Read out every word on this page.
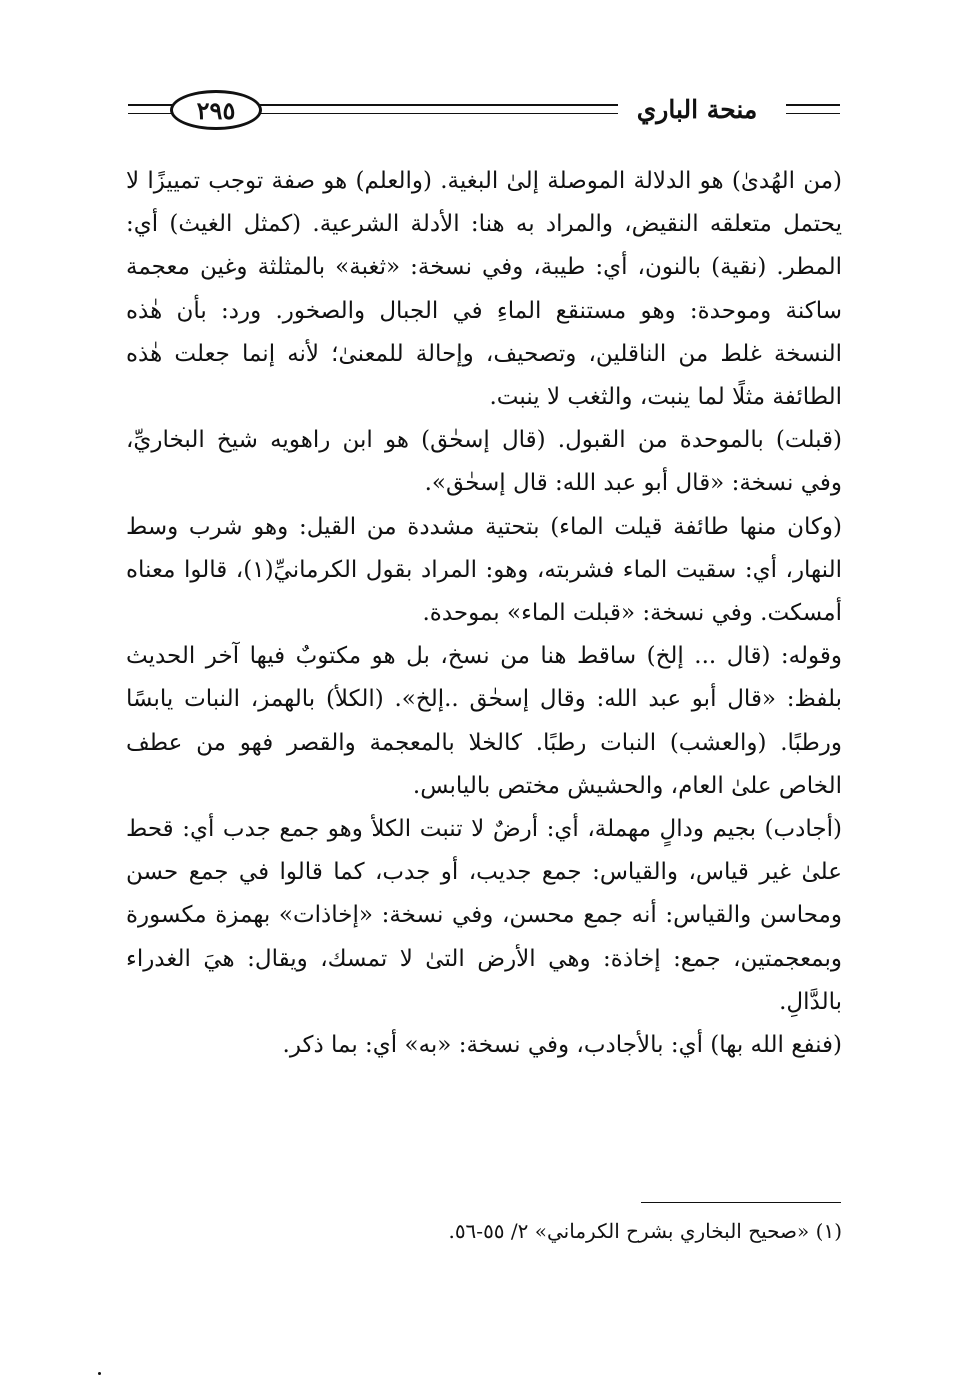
٢٩٥	منحة الباري

(من الهُدىٰ) هو الدلالة الموصلة إلىٰ البغية. (والعلم) هو صفة توجب تمييزًا لا يحتمل متعلقه النقيض، والمراد به هنا: الأدلة الشرعية. (كمثل الغيث) أي: المطر. (نقية) بالنون، أي: طيبة، وفي نسخة: «ثغبة» بالمثلثة وغين معجمة ساكنة وموحدة: وهو مستنقع الماءِ في الجبال والصخور. ورد: بأن هٰذه النسخة غلط من الناقلين، وتصحيف، وإحالة للمعنىٰ؛ لأنه إنما جعلت هٰذه الطائفة مثلًا لما ينبت، والثغب لا ينبت.

(قبلت) بالموحدة من القبول. (قال إسحٰق) هو ابن راهويه شيخ البخاريِّ، وفي نسخة: «قال أبو عبد الله: قال إسحٰق».

(وكان منها طائفة قيلت الماء) بتحتية مشددة من القيل: وهو شرب وسط النهار، أي: سقيت الماء فشربته، وهو: المراد بقول الكرمانيِّ(١)، قالوا معناه أمسكت. وفي نسخة: «قبلت الماء» بموحدة.

وقوله: (قال ... إلخ) ساقط هنا من نسخ، بل هو مكتوبٌ فيها آخر الحديث بلفظ: «قال أبو عبد الله: وقال إسحٰق ..إلخ». (الكلأ) بالهمز، النبات يابسًا ورطبًا. (والعشب) النبات رطبًا. كالخلا بالمعجمة والقصر فهو من عطف الخاص علىٰ العام، والحشيش مختص باليابس.

(أجادب) بجيم ودالٍ مهملة، أي: أرضٌ لا تنبت الكلأ وهو جمع جدب أي: قحط علىٰ غير قياس، والقياس: جمع جديب، أو جدب، كما قالوا في جمع حسن ومحاسن والقياس: أنه جمع محسن، وفي نسخة: «إخاذات» بهمزة مكسورة وبمعجمتين، جمع: إخاذة: وهي الأرض التىٰ لا تمسك، ويقال: هيَ الغدراء بالدَّالِ.

(فنفع الله بها) أي: بالأجادب، وفي نسخة: «به» أي: بما ذكر.

(١) «صحيح البخاري بشرح الكرماني» ٢/ ٥٥-٥٦.
